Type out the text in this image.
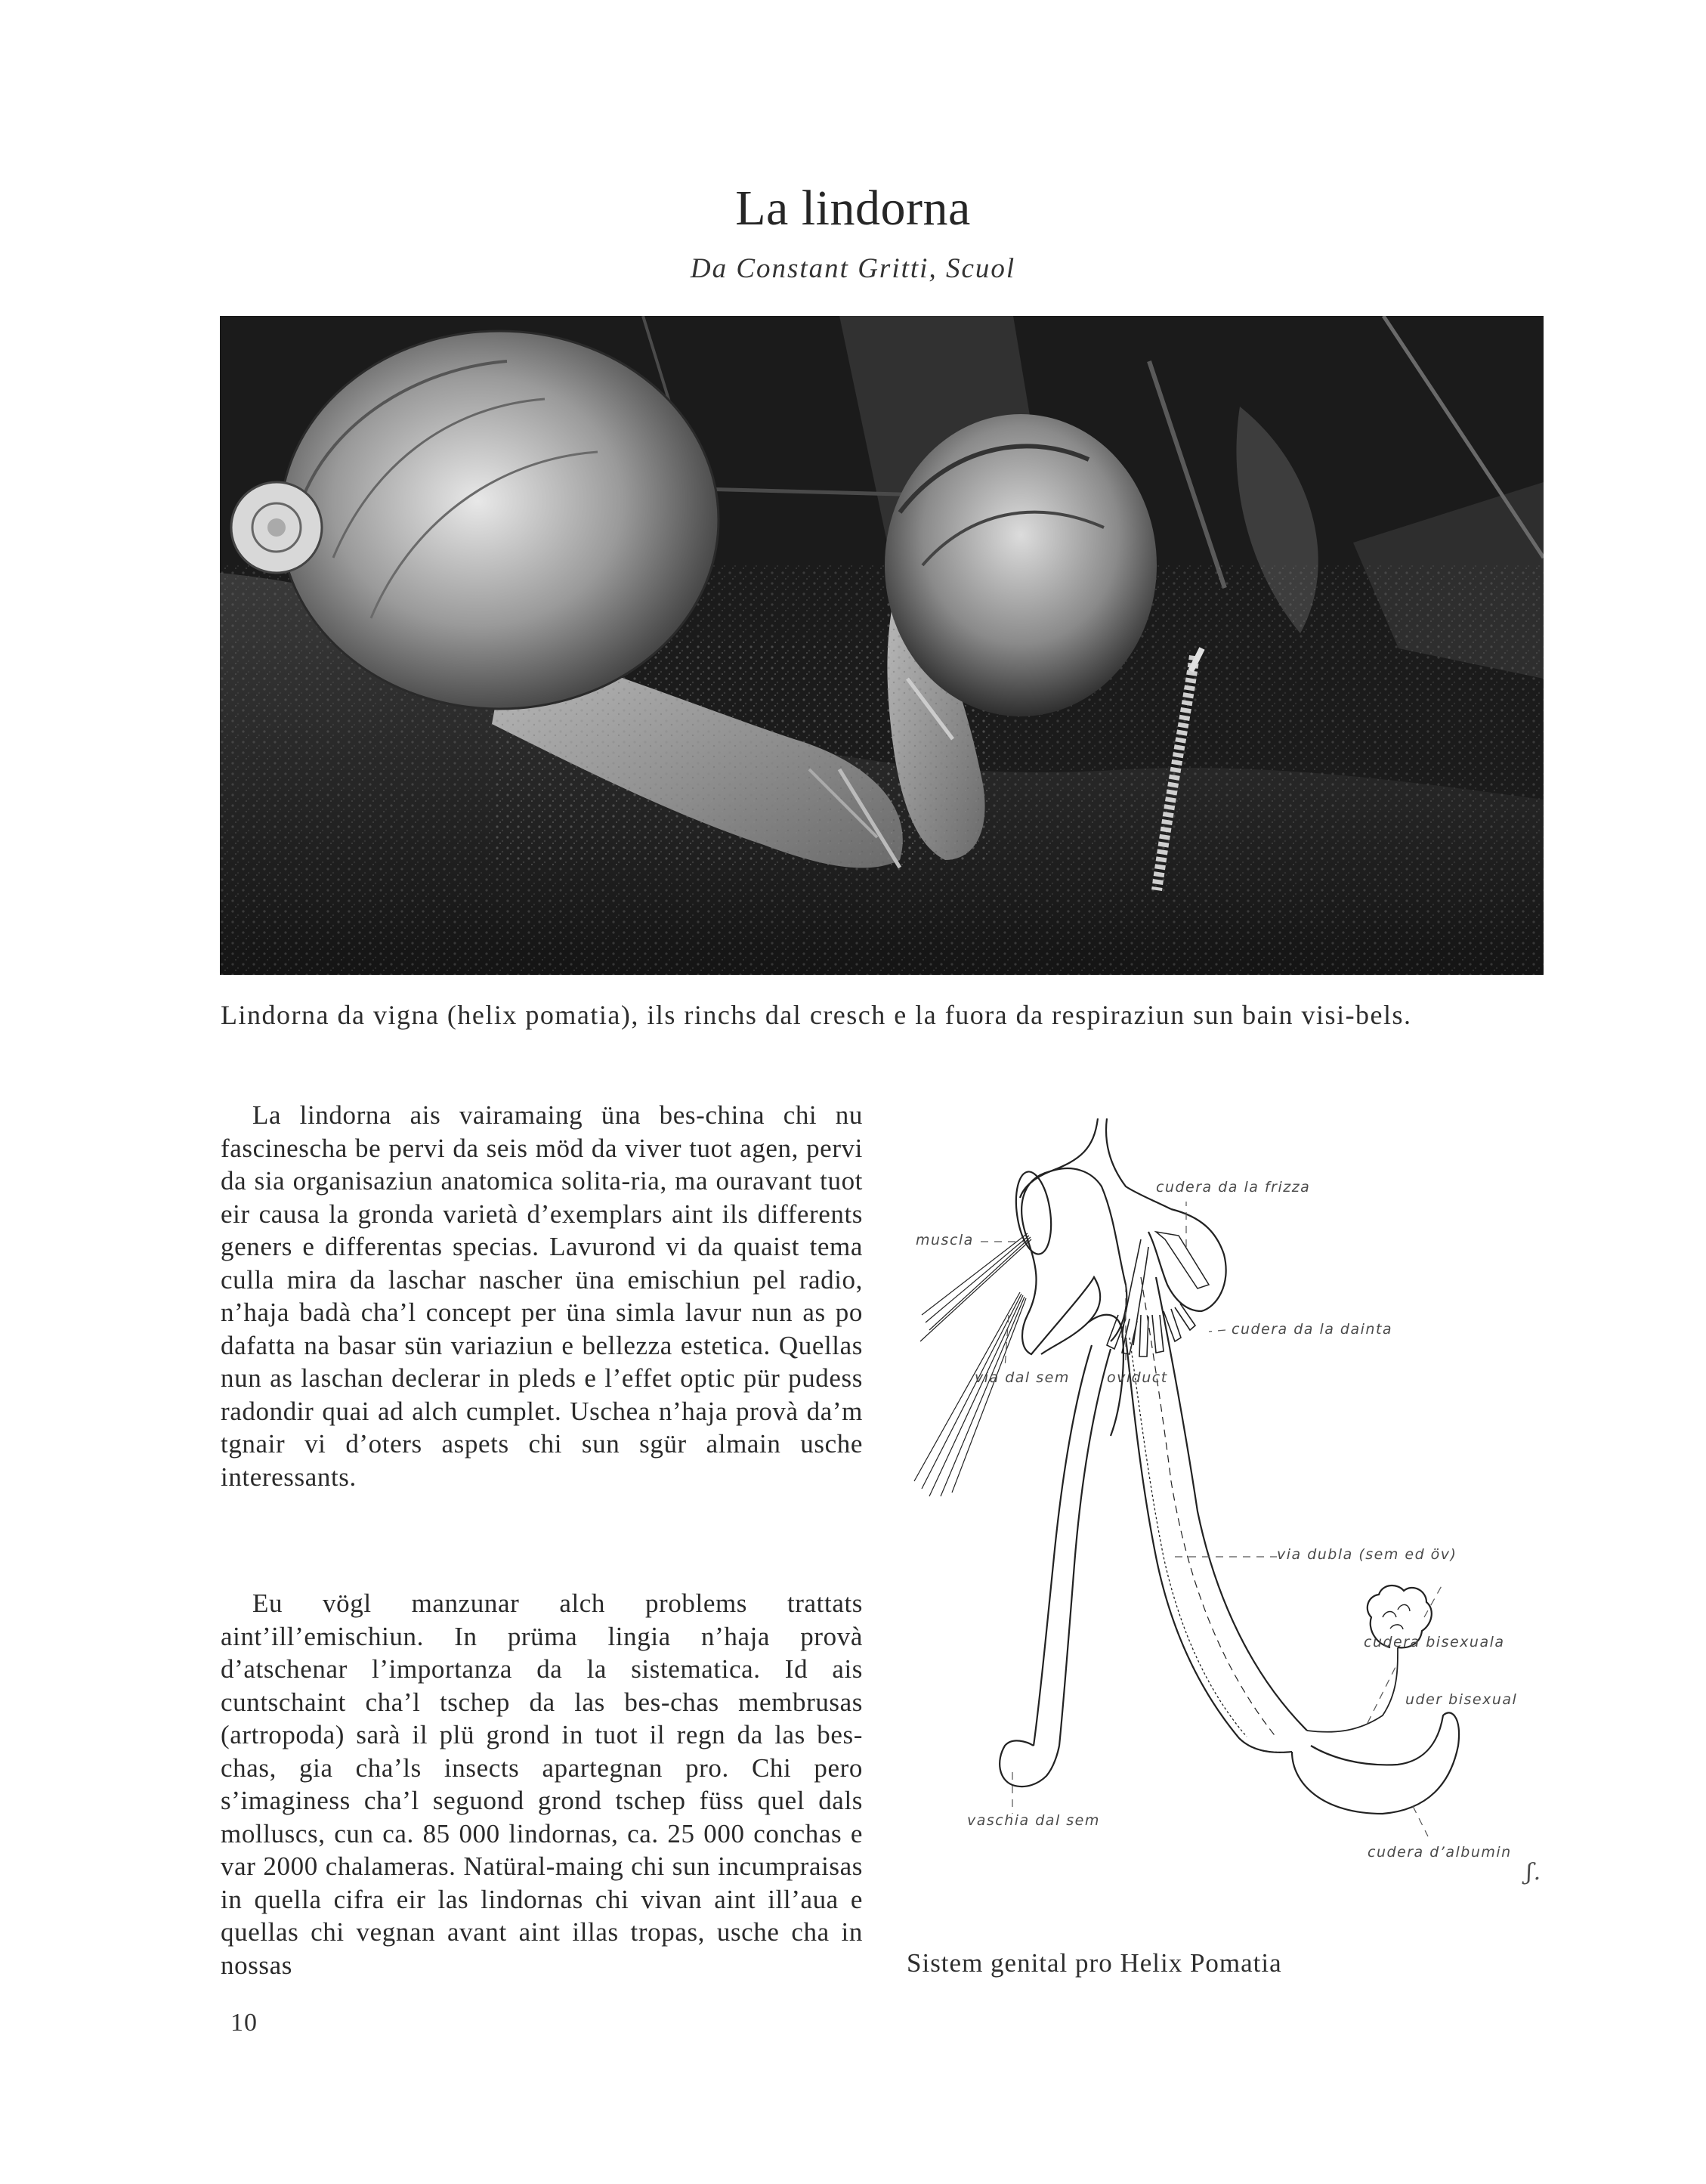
La lindorna
Da Constant Gritti, Scuol
Lindorna da vigna (helix pomatia), ils rinchs dal cresch e la fuora da respiraziun sun bain visi-bels.
La lindorna ais vairamaing üna bes-china chi nu fascinescha be pervi da seis möd da viver tuot agen, pervi da sia organisaziun anatomica solita-ria, ma ouravant tuot eir causa la gronda varietà d’exemplars aint ils differents geners e differentas specias. Lavurond vi da quaist tema culla mira da laschar nascher üna emischiun pel radio, n’haja badà cha’l concept per üna simla lavur nun as po dafatta na basar sün variaziun e bellezza estetica. Quellas nun as laschan declerar in pleds e l’effet optic pür pudess radondir quai ad alch cumplet. Uschea n’haja provà da’m tgnair vi d’oters aspets chi sun sgür almain usche interessants.
Eu vögl manzunar alch problems trattats aint’ill’emischiun. In prüma lingia n’haja provà d’atschenar l’importanza da la sistematica. Id ais cuntschaint cha’l tschep da las bes-chas membrusas (artropoda) sarà il plü grond in tuot il regn da las bes-chas, gia cha’ls insects apartegnan pro. Chi pero s’imaginess cha’l seguond grond tschep füss quel dals molluscs, cun ca. 85 000 lindornas, ca. 25 000 conchas e var 2000 chalameras. Natüral-maing chi sun incumpraisas in quella cifra eir las lindornas chi vivan aint ill’aua e quellas chi vegnan avant aint illas tropas, usche cha in nossas
muscla
cudera da la frizza
cudera da la dainta
via dal sem	oviduct
via dubla (sem ed öv)
cudera bisexuala
uder bisexual
vaschia dal sem
cudera d’albumin
ʃ.
Sistem genital pro Helix Pomatia
10
